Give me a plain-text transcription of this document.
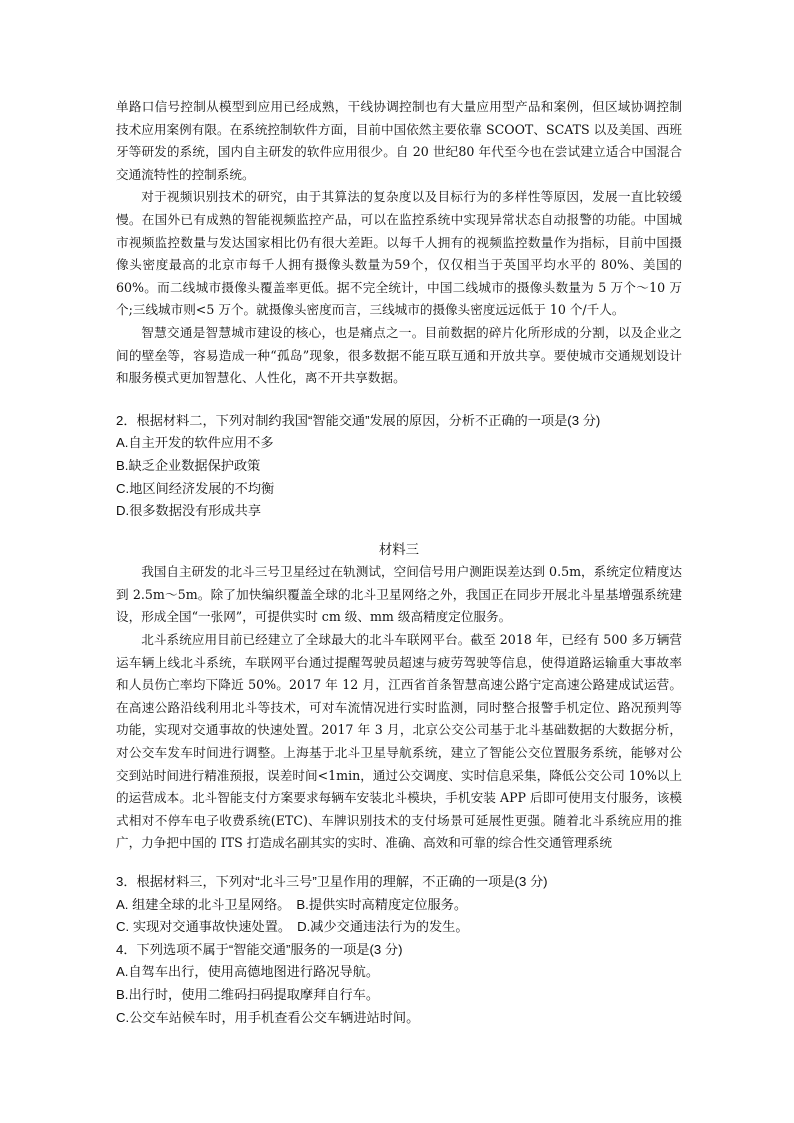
单路口信号控制从模型到应用已经成熟，干线协调控制也有大量应用型产品和案例，但区域协调控制技术应用案例有限。在系统控制软件方面，目前中国依然主要依靠 SCOOT、SCATS 以及美国、西班牙等研发的系统，国内自主研发的软件应用很少。自 20 世纪80 年代至今也在尝试建立适合中国混合交通流特性的控制系统。

对于视频识别技术的研究，由于其算法的复杂度以及目标行为的多样性等原因，发展一直比较缓慢。在国外已有成熟的智能视频监控产品，可以在监控系统中实现异常状态自动报警的功能。中国城市视频监控数量与发达国家相比仍有很大差距。以每千人拥有的视频监控数量作为指标，目前中国摄像头密度最高的北京市每千人拥有摄像头数量为59个，仅仅相当于英国平均水平的 80%、美国的 60%。而二线城市摄像头覆盖率更低。据不完全统计，中国二线城市的摄像头数量为 5 万个～10 万个;三线城市则<5 万个。就摄像头密度而言，三线城市的摄像头密度远远低于 10 个/千人。

智慧交通是智慧城市建设的核心，也是痛点之一。目前数据的碎片化所形成的分割，以及企业之间的壁垒等，容易造成一种“孤岛”现象，很多数据不能互联互通和开放共享。要使城市交通规划设计和服务模式更加智慧化、人性化，离不开共享数据。

2．根据材料二，下列对制约我国“智能交通”发展的原因，分析不正确的一项是(3 分)
A.自主开发的软件应用不多
B.缺乏企业数据保护政策
C.地区间经济发展的不均衡
D.很多数据没有形成共享
材料三

我国自主研发的北斗三号卫星经过在轨测试，空间信号用户测距误差达到 0.5m，系统定位精度达到 2.5m～5m。除了加快编织覆盖全球的北斗卫星网络之外，我国正在同步开展北斗星基增强系统建设，形成全国“一张网”，可提供实时 cm 级、mm 级高精度定位服务。

北斗系统应用目前已经建立了全球最大的北斗车联网平台。截至 2018 年，已经有 500 多万辆营运车辆上线北斗系统，车联网平台通过提醒驾驶员超速与疲劳驾驶等信息，使得道路运输重大事故率和人员伤亡率均下降近 50%。2017 年 12 月，江西省首条智慧高速公路宁定高速公路建成试运营。在高速公路沿线利用北斗等技术，可对车流情况进行实时监测，同时整合报警手机定位、路况预判等功能，实现对交通事故的快速处置。2017 年 3 月，北京公交公司基于北斗基础数据的大数据分析，对公交车发车时间进行调整。上海基于北斗卫星导航系统，建立了智能公交位置服务系统，能够对公交到站时间进行精准预报，误差时间<1min，通过公交调度、实时信息采集，降低公交公司 10%以上的运营成本。北斗智能支付方案要求每辆车安装北斗模块，手机安装 APP 后即可使用支付服务，该模式相对不停车电子收费系统(ETC)、车牌识别技术的支付场景可延展性更强。随着北斗系统应用的推广，力争把中国的 ITS 打造成名副其实的实时、准确、高效和可靠的综合性交通管理系统

3．根据材料三，下列对“北斗三号”卫星作用的理解，不正确的一项是(3 分)
A. 组建全球的北斗卫星网络。 B.提供实时高精度定位服务。
C. 实现对交通事故快速处置。 D.减少交通违法行为的发生。
4．下列选项不属于“智能交通”服务的一项是(3 分)
A.自驾车出行，使用高德地图进行路况导航。
B.出行时，使用二维码扫码提取摩拜自行车。
C.公交车站候车时，用手机查看公交车辆进站时间。
